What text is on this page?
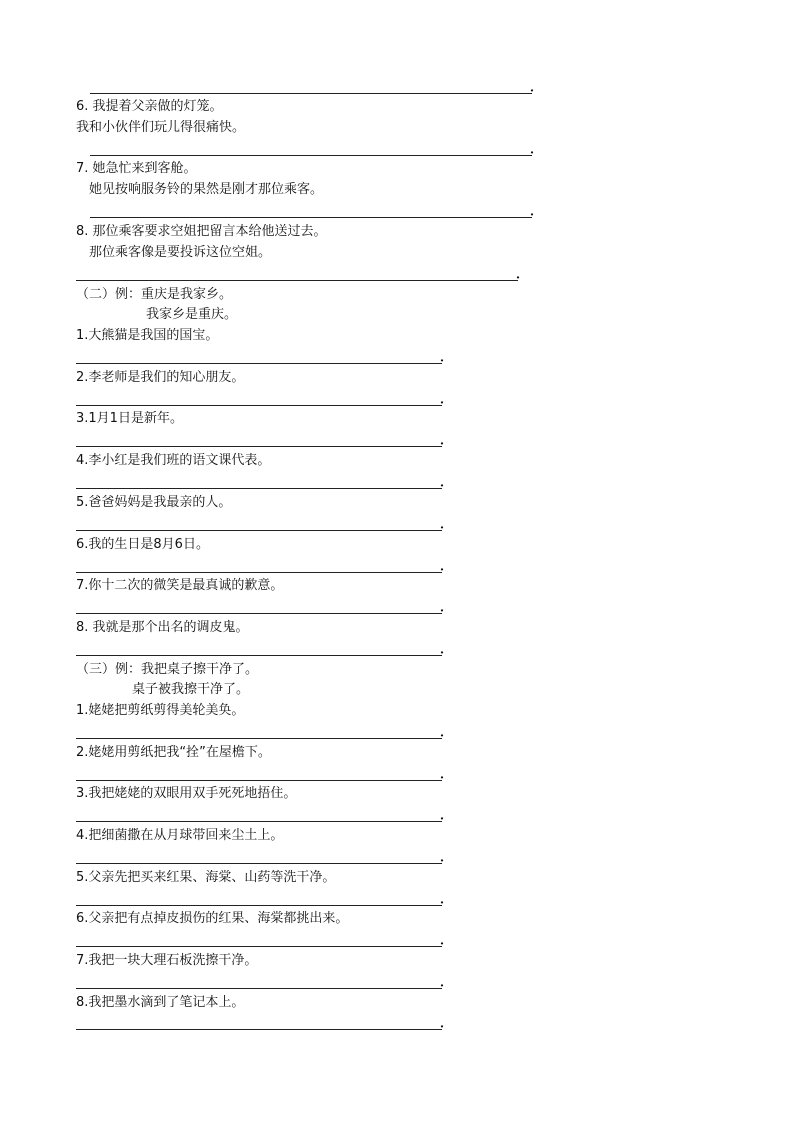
．
6. 我提着父亲做的灯笼。
我和小伙伴们玩儿得很痛快。
．
7. 她急忙来到客舱。
她见按响服务铃的果然是刚才那位乘客。
．
8. 那位乘客要求空姐把留言本给他送过去。
那位乘客像是要投诉这位空姐。
．
（二）例：重庆是我家乡。
我家乡是重庆。
1.大熊猫是我国的国宝。
．
2.李老师是我们的知心朋友。
．
3.1月1日是新年。
．
4.李小红是我们班的语文课代表。
．
5.爸爸妈妈是我最亲的人。
．
6.我的生日是8月6日。
．
7.你十二次的微笑是最真诚的歉意。
．
8. 我就是那个出名的调皮鬼。
．
（三）例：我把桌子擦干净了。
桌子被我擦干净了。
1.姥姥把剪纸剪得美轮美奂。
．
2.姥姥用剪纸把我“拴”在屋檐下。
．
3.我把姥姥的双眼用双手死死地捂住。
．
4.把细菌撒在从月球带回来尘土上。
．
5.父亲先把买来红果、海棠、山药等洗干净。
．
6.父亲把有点掉皮损伤的红果、海棠都挑出来。
．
7.我把一块大理石板洗擦干净。
．
8.我把墨水滴到了笔记本上。
．
